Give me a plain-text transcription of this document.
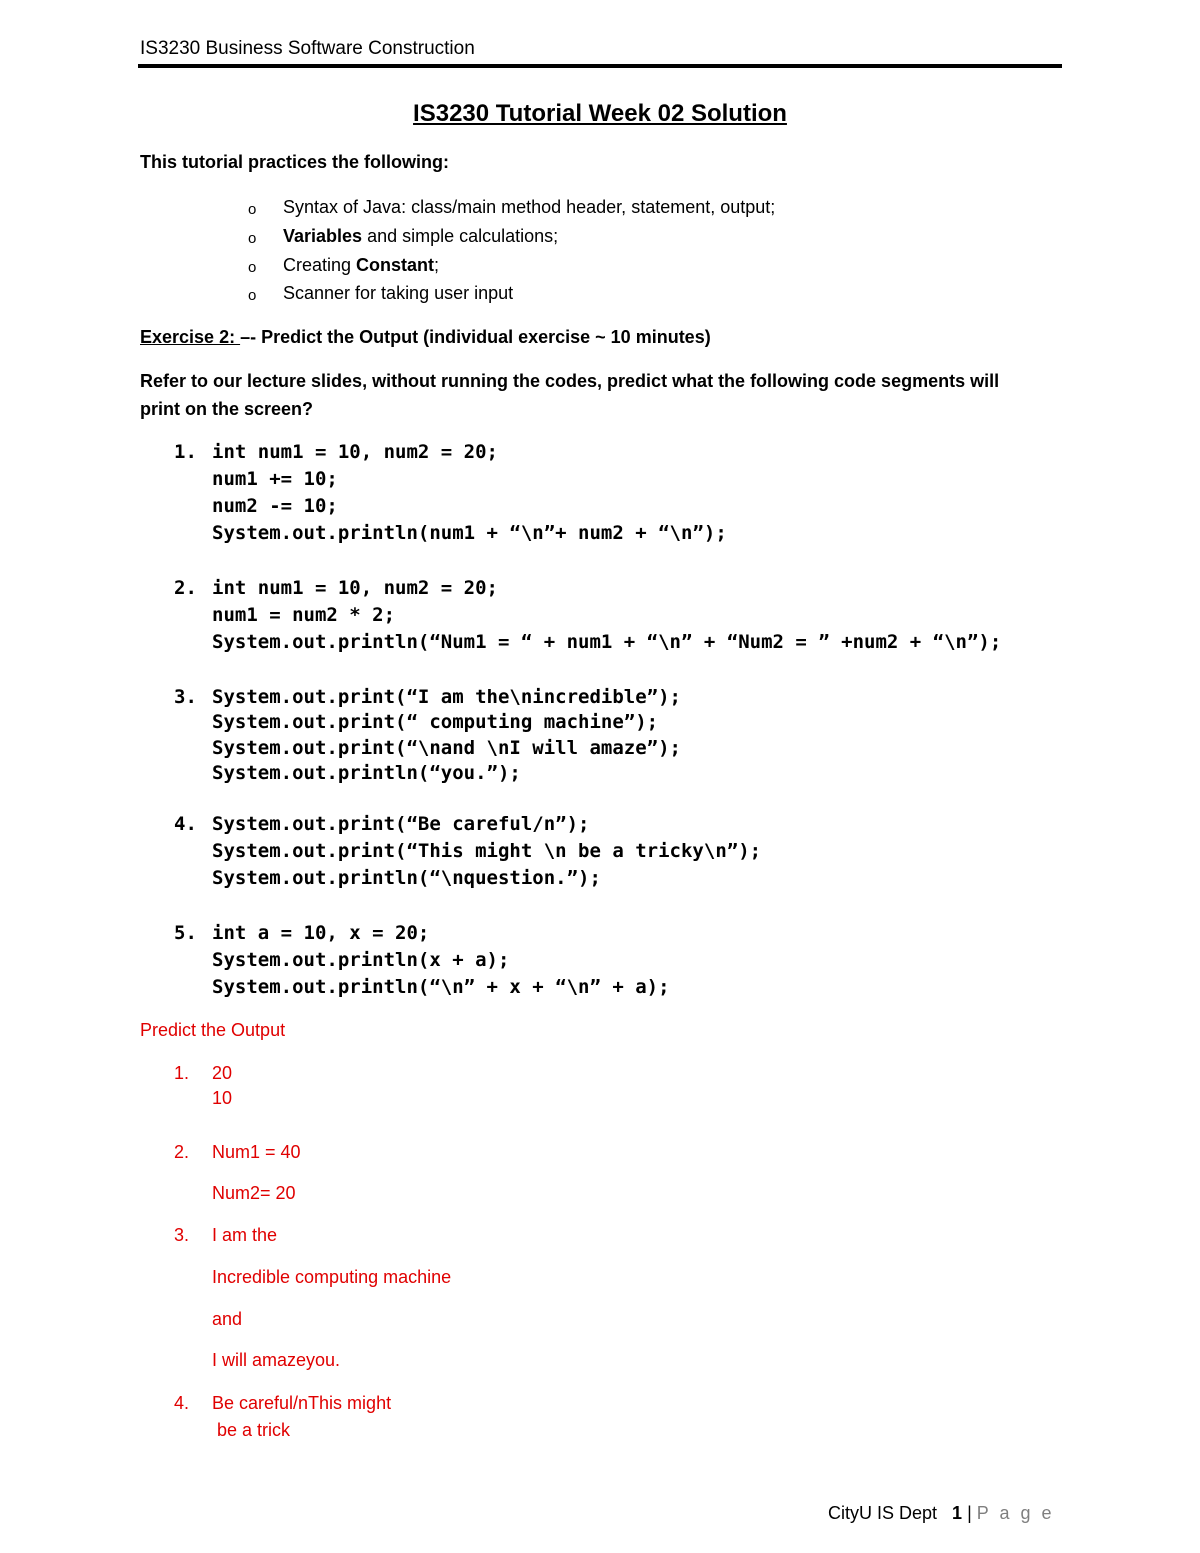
IS3230 Business Software Construction
IS3230 Tutorial Week 02 Solution
This tutorial practices the following:
o Syntax of Java: class/main method header, statement, output;
o Variables and simple calculations;
o Creating Constant;
o Scanner for taking user input
Exercise 2: –- Predict the Output (individual exercise ~ 10 minutes)
Refer to our lecture slides, without running the codes, predict what the following code segments will
print on the screen?
1. int num1 = 10, num2 = 20;
num1 += 10;
num2 -= 10;
System.out.println(num1 + “\n”+ num2 + “\n”);
2. int num1 = 10, num2 = 20;
num1 = num2 * 2;
System.out.println(“Num1 = “ + num1 + “\n” + “Num2 = ” +num2 + “\n”);
3. System.out.print(“I am the\nincredible”);
System.out.print(“ computing machine”);
System.out.print(“\nand \nI will amaze”);
System.out.println(“you.”);
4. System.out.print(“Be careful/n”);
System.out.print(“This might \n be a tricky\n”);
System.out.println(“\nquestion.”);
5. int a = 10, x = 20;
System.out.println(x + a);
System.out.println(“\n” + x + “\n” + a);
Predict the Output
1. 20
10
2. Num1 = 40
Num2= 20
3. I am the
Incredible computing machine
and
I will amazeyou.
4. Be careful/nThis might
be a trick
CityU IS Dept 1 | P a g e
